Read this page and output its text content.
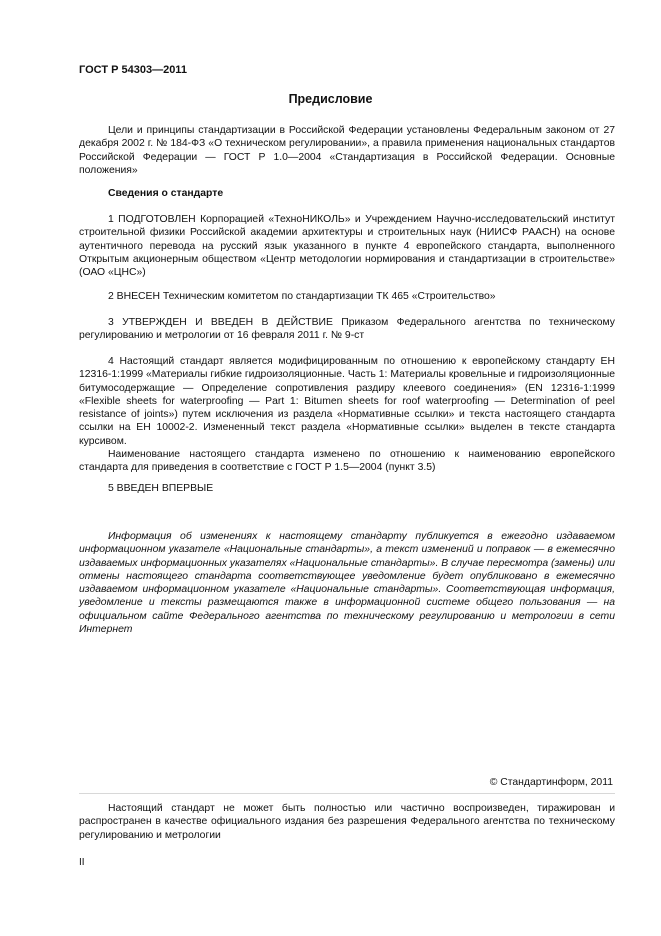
ГОСТ Р 54303—2011
Предисловие

Цели и принципы стандартизации в Российской Федерации установлены Федеральным законом от 27 декабря 2002 г. № 184-ФЗ «О техническом регулировании», а правила применения национальных стандартов Российской Федерации — ГОСТ Р 1.0—2004 «Стандартизация в Российской Федерации. Основные положения»

Сведения о стандарте

1 ПОДГОТОВЛЕН Корпорацией «ТехноНИКОЛЬ» и Учреждением Научно-исследовательский институт строительной физики Российской академии архитектуры и строительных наук (НИИСФ РААСН) на основе аутентичного перевода на русский язык указанного в пункте 4 европейского стандарта, выполненного Открытым акционерным обществом «Центр методологии нормирования и стандартизации в строительстве» (ОАО «ЦНС»)

2 ВНЕСЕН Техническим комитетом по стандартизации ТК 465 «Строительство»

3 УТВЕРЖДЕН И ВВЕДЕН В ДЕЙСТВИЕ Приказом Федерального агентства по техническому регулированию и метрологии от 16 февраля 2011 г. № 9-ст

4 Настоящий стандарт является модифицированным по отношению к европейскому стандарту ЕН 12316-1:1999 «Материалы гибкие гидроизоляционные. Часть 1: Материалы кровельные и гидроизоляционные битумосодержащие — Определение сопротивления раздиру клеевого соединения» (EN 12316-1:1999 «Flexible sheets for waterproofing — Part 1: Bitumen sheets for roof waterproofing — Determination of peel resistance of joints») путем исключения из раздела «Нормативные ссылки» и текста настоящего стандарта ссылки на ЕН 10002-2. Измененный текст раздела «Нормативные ссылки» выделен в тексте стандарта курсивом.

Наименование настоящего стандарта изменено по отношению к наименованию европейского стандарта для приведения в соответствие с ГОСТ Р 1.5—2004 (пункт 3.5)

5 ВВЕДЕН ВПЕРВЫЕ

Информация об изменениях к настоящему стандарту публикуется в ежегодно издаваемом информационном указателе «Национальные стандарты», а текст изменений и поправок — в ежемесячно издаваемых информационных указателях «Национальные стандарты». В случае пересмотра (замены) или отмены настоящего стандарта соответствующее уведомление будет опубликовано в ежемесячно издаваемом информационном указателе «Национальные стандарты». Соответствующая информация, уведомление и тексты размещаются также в информационной системе общего пользования — на официальном сайте Федерального агентства по техническому регулированию и метрологии в сети Интернет

© Стандартинформ, 2011

Настоящий стандарт не может быть полностью или частично воспроизведен, тиражирован и распространен в качестве официального издания без разрешения Федерального агентства по техническому регулированию и метрологии

II
